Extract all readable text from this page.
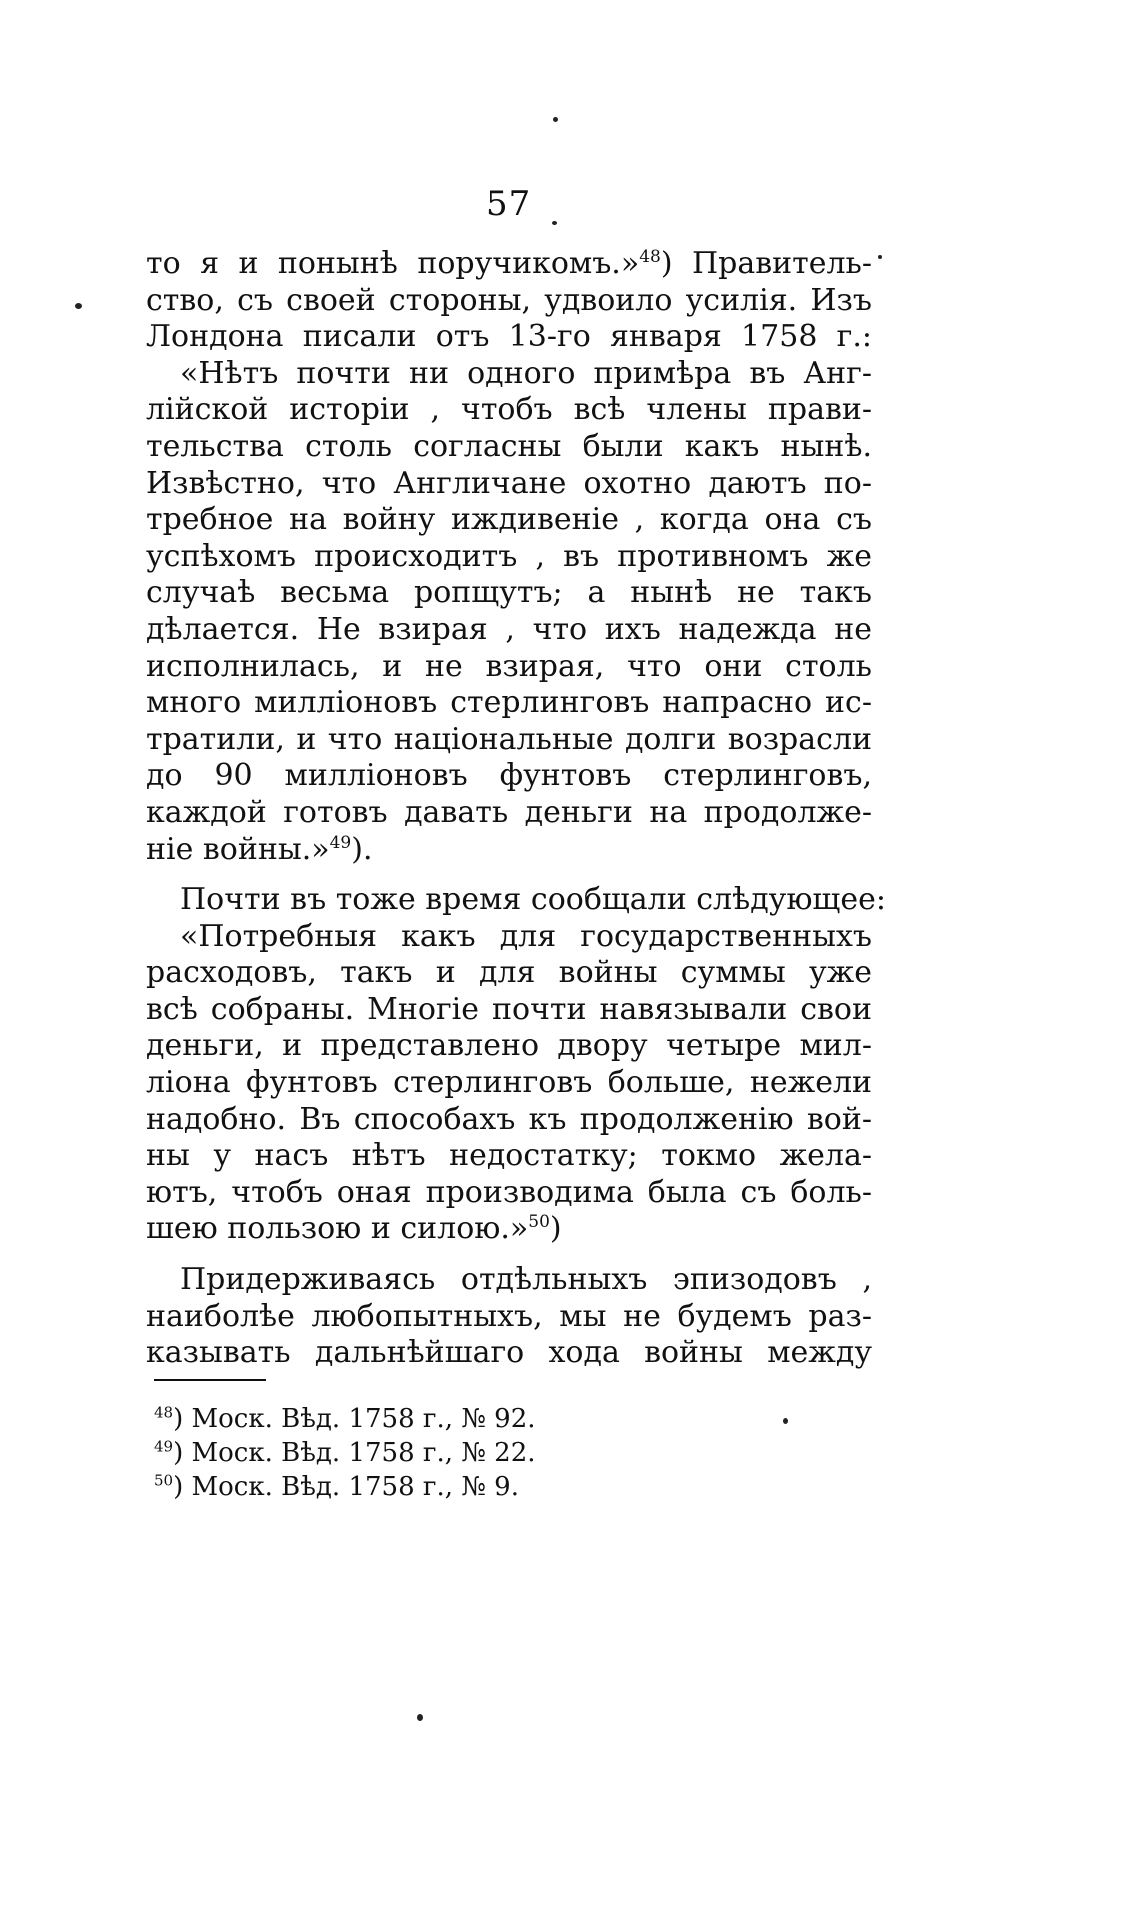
57
то я и понынѣ поручикомъ.»$^{48}$) Правитель-
ство, съ своей стороны, удвоило усилія. Изъ
Лондона писали отъ 13-го января 1758 г.:
«Нѣтъ почти ни одного примѣра въ Анг-
лійской исторіи , чтобъ всѣ члены прави-
тельства столь согласны были какъ нынѣ.
Извѣстно, что Англичане охотно даютъ по-
требное на войну иждивеніе , когда она съ
успѣхомъ происходитъ , въ противномъ же
случаѣ весьма ропщутъ; а нынѣ не такъ
дѣлается. Не взирая , что ихъ надежда не
исполнилась, и не взирая, что они столь
много милліоновъ стерлинговъ напрасно ис-
тратили, и что національные долги возрасли
до 90 милліоновъ фунтовъ стерлинговъ,
каждой готовъ давать деньги на продолже-
ніе войны.»$^{49}$).
Почти въ тоже время сообщали слѣдующее:
«Потребныя какъ для государственныхъ
расходовъ, такъ и для войны суммы уже
всѣ собраны. Многіе почти навязывали свои
деньги, и представлено двору четыре мил-
ліона фунтовъ стерлинговъ больше, нежели
надобно. Въ способахъ къ продолженію вой-
ны у насъ нѣтъ недостатку; токмо жела-
ютъ, чтобъ оная производима была съ боль-
шею пользою и силою.»$^{50}$)
Придерживаясь отдѣльныхъ эпизодовъ ,
наиболѣе любопытныхъ, мы не будемъ раз-
казывать дальнѣйшаго хода войны между
$^{48}$) Моск. Вѣд. 1758 г., № 92.
$^{49}$) Моск. Вѣд. 1758 г., № 22.
$^{50}$) Моск. Вѣд. 1758 г., № 9.
